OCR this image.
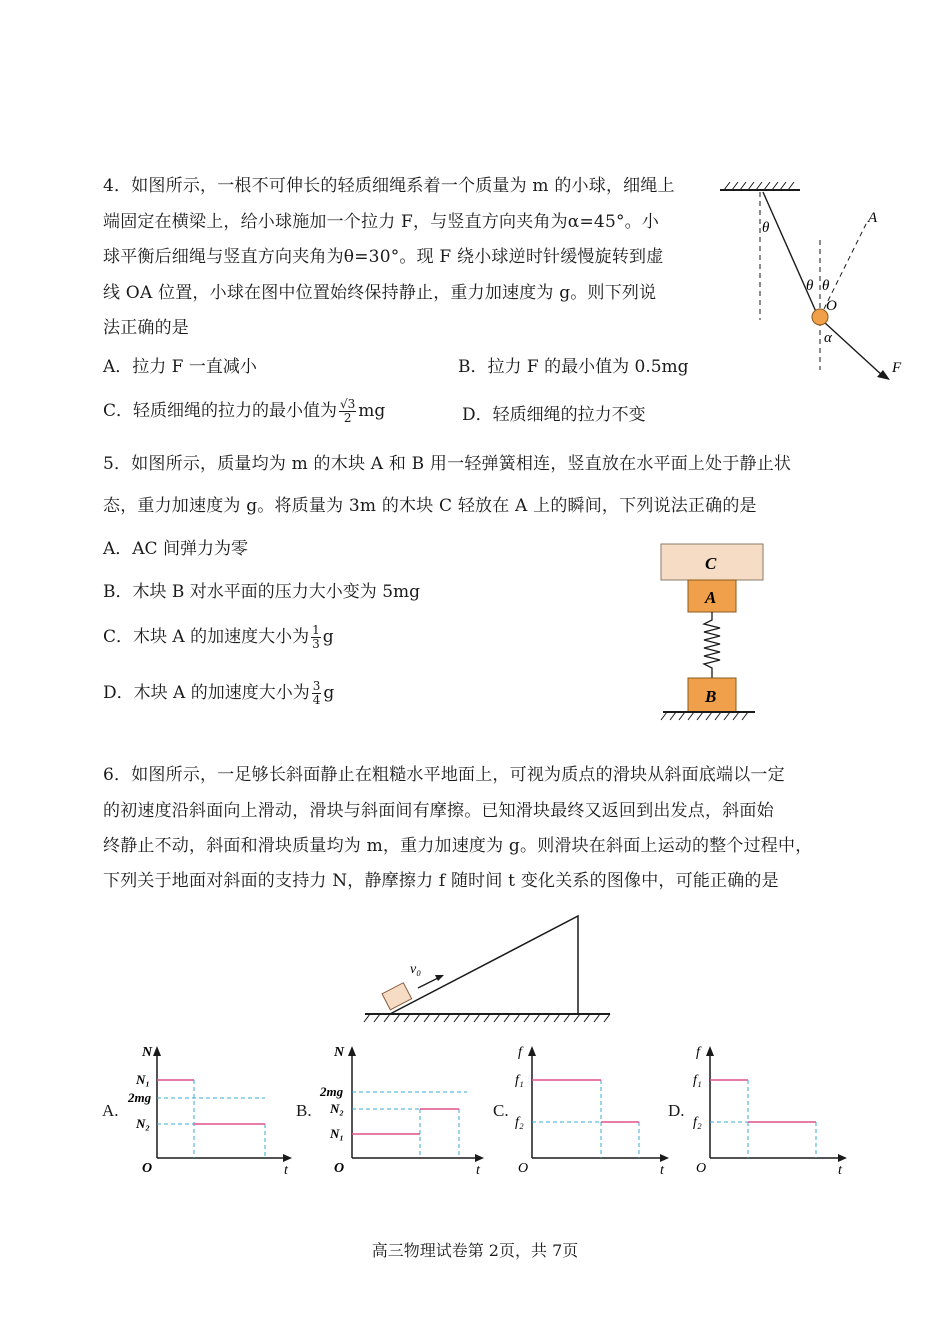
4．如图所示，一根不可伸长的轻质细绳系着一个质量为 m 的小球，细绳上
端固定在横梁上，给小球施加一个拉力 F，与竖直方向夹角为α=45°。小
球平衡后细绳与竖直方向夹角为θ=30°。现 F 绕小球逆时针缓慢旋转到虚
线 OA 位置，小球在图中位置始终保持静止，重力加速度为 g。则下列说
法正确的是
A．拉力 F 一直减小	B．拉力 F 的最小值为 0.5mg
C．轻质细绳的拉力的最小值为 $\frac{√3}{2}$ mg	D．轻质细绳的拉力不变
θ
θ θ
A
O
α
F
5．如图所示，质量均为 m 的木块 A 和 B 用一轻弹簧相连，竖直放在水平面上处于静止状
态，重力加速度为 g。将质量为 3m 的木块 C 轻放在 A 上的瞬间，下列说法正确的是
A．AC 间弹力为零
B．木块 B 对水平面的压力大小变为 5mg
C．木块 A 的加速度大小为 $\frac{1}{3}$ g
D．木块 A 的加速度大小为 $\frac{3}{4}$ g
C
A
B
6．如图所示，一足够长斜面静止在粗糙水平地面上，可视为质点的滑块从斜面底端以一定
的初速度沿斜面向上滑动，滑块与斜面间有摩擦。已知滑块最终又返回到出发点，斜面始
终静止不动，斜面和滑块质量均为 m，重力加速度为 g。则滑块在斜面上运动的整个过程中，
下列关于地面对斜面的支持力 N，静摩擦力 f 随时间 t 变化关系的图像中，可能正确的是
v₀
A.
N
N₁
2mg
N₂
O	t
B.
N
2mg
N₂
N₁
O	t
C.
f
f₁
f₂
O	t
D.
f
f₁
f₂
O	t
高三物理试卷第 2页，共 7页
